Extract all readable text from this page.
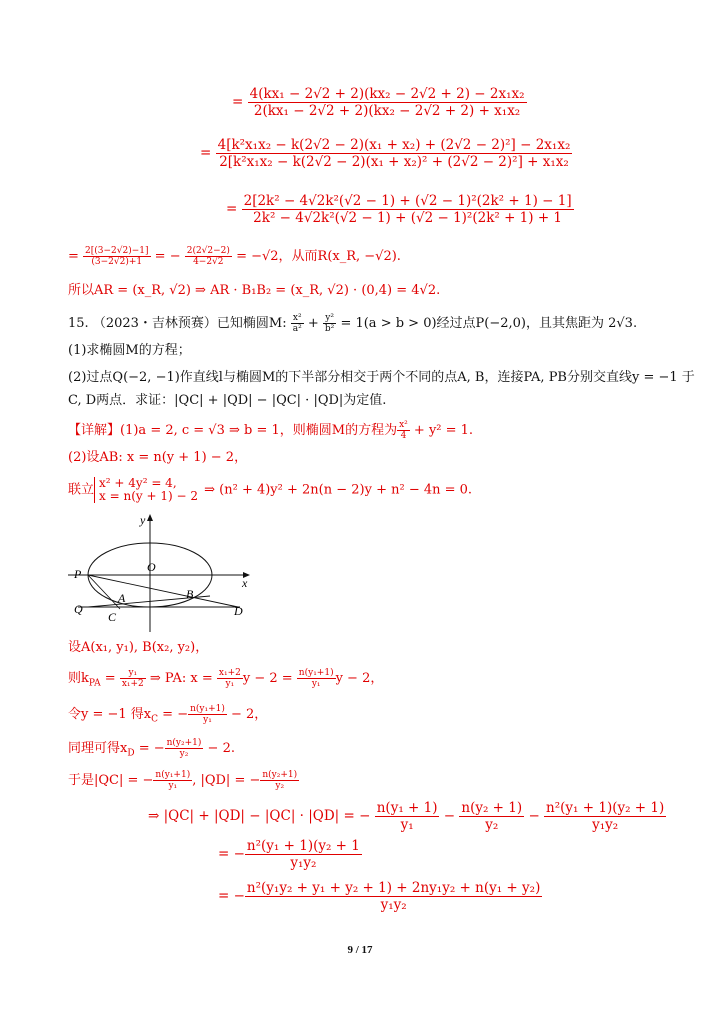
= $\frac{\text{4(kx₁ − 2√2 + 2)(kx₂ − 2√2 + 2) − 2x₁x₂}}{\text{2(kx₁ − 2√2 + 2)(kx₂ − 2√2 + 2) + x₁x₂}}$
= $\frac{\text{4[k²x₁x₂ − k(2√2 − 2)(x₁ + x₂) + (2√2 − 2)²] − 2x₁x₂}}{\text{2[k²x₁x₂ − k(2√2 − 2)(x₁ + x₂)² + (2√2 − 2)²] + x₁x₂}}$
= $\frac{\text{2[2k² − 4√2k²(√2 − 1) + (√2 − 1)²(2k² + 1) − 1]}}{\text{2k² − 4√2k²(√2 − 1) + (√2 − 1)²(2k² + 1) + 1}}$
= $\frac{2[(3-2√2)-1]}{(3-2√2)+1}$ = − $\frac{2(2√2-2)}{4-2√2} = -√2$，从而R(x_R, −√2).
所以AR = (x_R, √2) ⇒ AR · B₁B₂ = (x_R, √2) · (0,4) = 4√2.
15. （2023・吉林预赛）已知椭圆M: $\frac{\text{x²}}{\text{a²}} + \frac{\text{y²}}{\text{b²}} = 1(a > b > 0)$经过点P(−2,0)，且其焦距为 2√3.
(1)求椭圆M的方程；
(2)过点Q(−2, −1)作直线l与椭圆M的下半部分相交于两个不同的点A, B，连接PA, PB分别交直线y = −1 于
C, D两点．求证：|QC| + |QD| − |QC| · |QD|为定值.
【详解】(1)a = 2, c = √3 ⇒ b = 1，则椭圆M的方程为 $\frac{\text{x²}}{4} + y^2 = 1$.
(2)设AB: x = n(y + 1) − 2，
联立 x² + 4y² = 4,
x = n(y + 1) − 2 ⇒ (n² + 4)y² + 2n(n − 2)y + n² − 4n = 0.
y
x
P	O
Q
A	B
C	D
设A(x₁, y₁), B(x₂, y₂)，
则$k_{PA} = \frac{\text{y₁}}{\text{x₁+2}}$ ⇒ PA: $x = \frac{\text{x₁+2}}{\text{y₁}}$ $y - 2 = \frac{\text{n(y₁+1)}}{\text{y₁}}$ y − 2，
令y = −1 得$x_C$ = − $\frac{\text{n(y₁+1)}}{\text{y₁}} - 2$，
同理可得$x_D$ = − $\frac{\text{n(y₂+1)}}{\text{y₂}} - 2$.
于是|QC| = − $\frac{\text{n(y₁+1)}}{\text{y₁}}$ , |QD| = − $\frac{\text{n(y₂+1)}}{\text{y₂}}$
⇒ |QC| + |QD| − |QC| · |QD| = − $\frac{\text{n(y₁ + 1)}}{\text{y₁}} - \frac{\text{n(y₂ + 1)}}{\text{y₂}} - \frac{\text{n²(y₁ + 1)(y₂ + 1)}}{\text{y₁y₂}}$
= − $\frac{\text{n²(y₁ + 1)(y₂ + 1}}{\text{y₁y₂}}$
= − $\frac{\text{n²(y₁y₂ + y₁ + y₂ + 1) + 2ny₁y₂ + n(y₁ + y₂)}}{\text{y₁y₂}}$
9 / 17
